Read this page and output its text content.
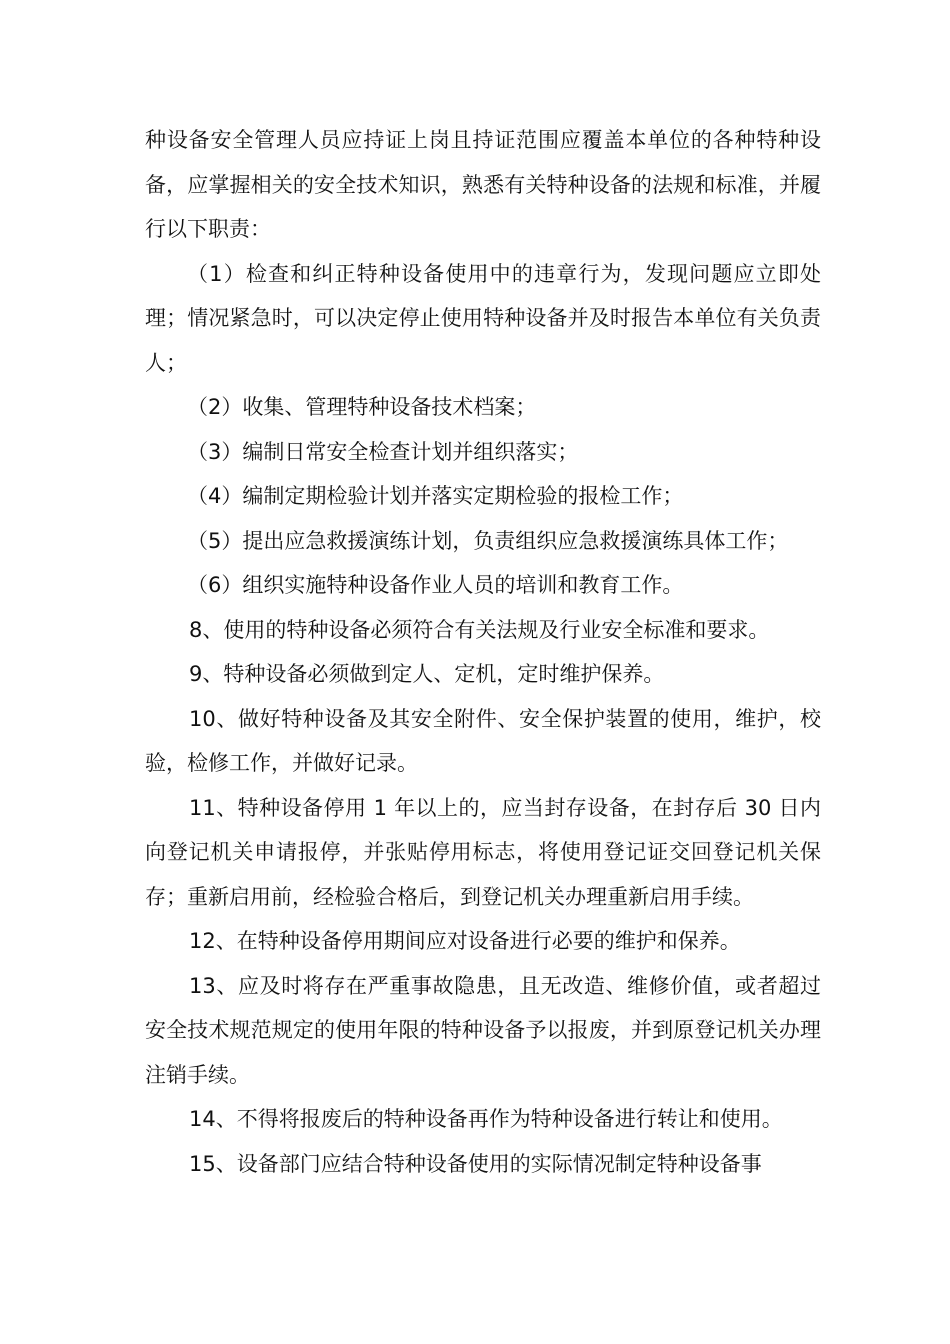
种设备安全管理人员应持证上岗且持证范围应覆盖本单位的各种特种设备，应掌握相关的安全技术知识，熟悉有关特种设备的法规和标准，并履行以下职责：

（1）检查和纠正特种设备使用中的违章行为，发现问题应立即处理；情况紧急时，可以决定停止使用特种设备并及时报告本单位有关负责人；

（2）收集、管理特种设备技术档案；

（3）编制日常安全检查计划并组织落实；

（4）编制定期检验计划并落实定期检验的报检工作；

（5）提出应急救援演练计划，负责组织应急救援演练具体工作；

（6）组织实施特种设备作业人员的培训和教育工作。

8、使用的特种设备必须符合有关法规及行业安全标准和要求。

9、特种设备必须做到定人、定机，定时维护保养。

10、做好特种设备及其安全附件、安全保护装置的使用，维护，校验，检修工作，并做好记录。

11、特种设备停用 1 年以上的，应当封存设备，在封存后 30 日内向登记机关申请报停，并张贴停用标志，将使用登记证交回登记机关保存；重新启用前，经检验合格后，到登记机关办理重新启用手续。

12、在特种设备停用期间应对设备进行必要的维护和保养。

13、应及时将存在严重事故隐患，且无改造、维修价值，或者超过安全技术规范规定的使用年限的特种设备予以报废，并到原登记机关办理注销手续。

14、不得将报废后的特种设备再作为特种设备进行转让和使用。

15、设备部门应结合特种设备使用的实际情况制定特种设备事
